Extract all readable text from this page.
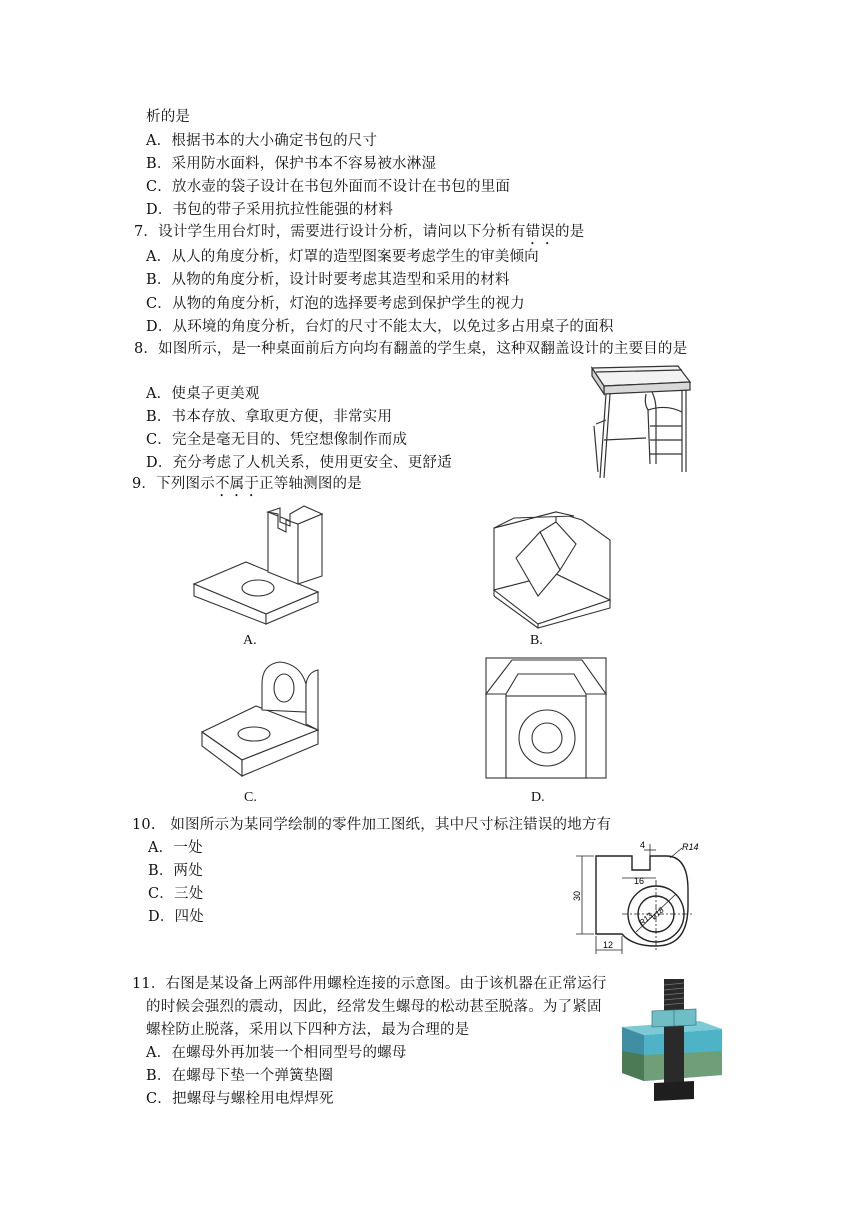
析的是
A．根据书本的大小确定书包的尺寸
B．采用防水面料，保护书本不容易被水淋湿
C．放水壶的袋子设计在书包外面而不设计在书包的里面
D．书包的带子采用抗拉性能强的材料
7．设计学生用台灯时，需要进行设计分析，请问以下分析有错误的是
A．从人的角度分析，灯罩的造型图案要考虑学生的审美倾向
B．从物的角度分析，设计时要考虑其造型和采用的材料
C．从物的角度分析，灯泡的选择要考虑到保护学生的视力
D．从环境的角度分析，台灯的尺寸不能太大，以免过多占用桌子的面积
8．如图所示，是一种桌面前后方向均有翻盖的学生桌，这种双翻盖设计的主要目的是
A．使桌子更美观
B．书本存放、拿取更方便，非常实用
C．完全是毫无目的、凭空想像制作而成
D．充分考虑了人机关系，使用更安全、更舒适
9．下列图示不属于正等轴测图的是
A.	B.
C.	D.
10.　如图所示为某同学绘制的零件加工图纸，其中尺寸标注错误的地方有
A．一处
B．两处
C．三处
D．四处
30
16
12
4	R14
R13
ø18
11．右图是某设备上两部件用螺栓连接的示意图。由于该机器在正常运行
的时候会强烈的震动，因此，经常发生螺母的松动甚至脱落。为了紧固
螺栓防止脱落，采用以下四种方法，最为合理的是
A．在螺母外再加装一个相同型号的螺母
B．在螺母下垫一个弹簧垫圈
C．把螺母与螺栓用电焊焊死
